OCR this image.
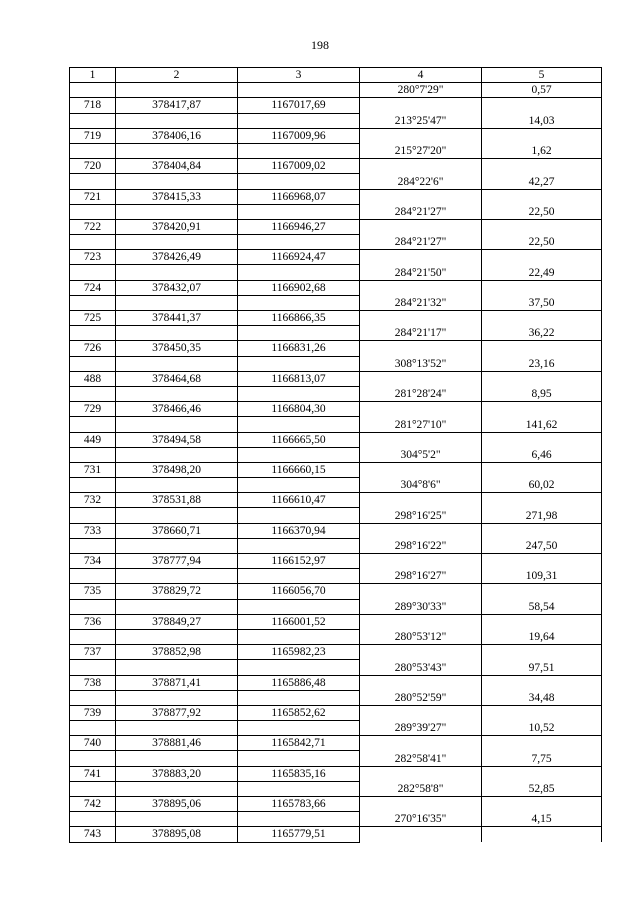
198
1	2	3	4	5
			280°7'29"	0,57
718	378417,87	1167017,69		
			213°25'47"	14,03
719	378406,16	1167009,96		
			215°27'20"	1,62
720	378404,84	1167009,02		
			284°22'6"	42,27
721	378415,33	1166968,07		
			284°21'27"	22,50
722	378420,91	1166946,27		
			284°21'27"	22,50
723	378426,49	1166924,47		
			284°21'50"	22,49
724	378432,07	1166902,68		
			284°21'32"	37,50
725	378441,37	1166866,35		
			284°21'17"	36,22
726	378450,35	1166831,26		
			308°13'52"	23,16
488	378464,68	1166813,07		
			281°28'24"	8,95
729	378466,46	1166804,30		
			281°27'10"	141,62
449	378494,58	1166665,50		
			304°5'2"	6,46
731	378498,20	1166660,15		
			304°8'6"	60,02
732	378531,88	1166610,47		
			298°16'25"	271,98
733	378660,71	1166370,94		
			298°16'22"	247,50
734	378777,94	1166152,97		
			298°16'27"	109,31
735	378829,72	1166056,70		
			289°30'33"	58,54
736	378849,27	1166001,52		
			280°53'12"	19,64
737	378852,98	1165982,23		
			280°53'43"	97,51
738	378871,41	1165886,48		
			280°52'59"	34,48
739	378877,92	1165852,62		
			289°39'27"	10,52
740	378881,46	1165842,71		
			282°58'41"	7,75
741	378883,20	1165835,16		
			282°58'8"	52,85
742	378895,06	1165783,66		
			270°16'35"	4,15
743	378895,08	1165779,51		
